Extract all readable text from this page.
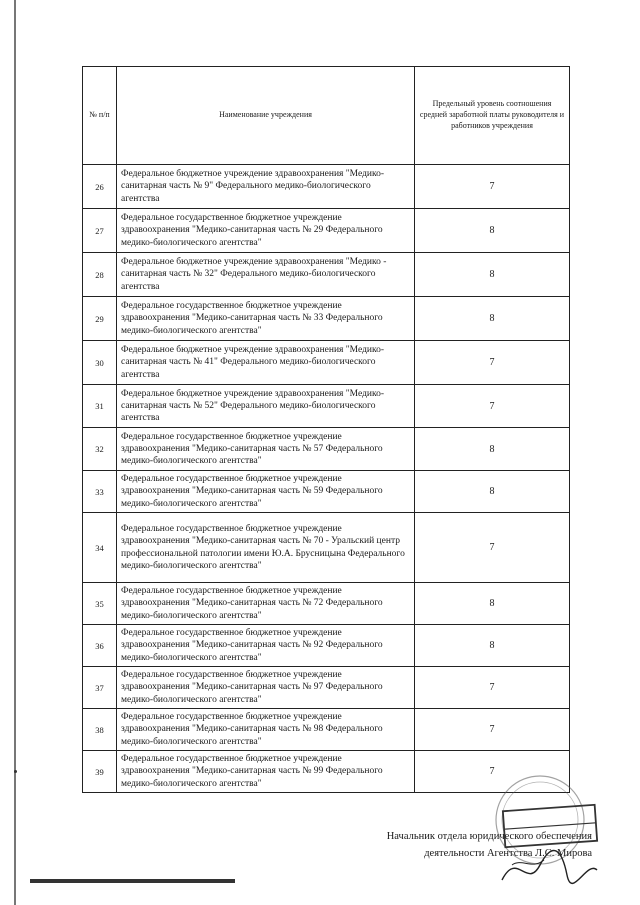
№ п/п	Наименование учреждения	Предельный уровень соотношения средней заработной платы руководителя и работников учреждения
26	Федеральное бюджетное учреждение здравоохранения "Медико-санитарная часть № 9" Федерального медико-биологического агентства	7
27	Федеральное государственное бюджетное учреждение здравоохранения "Медико-санитарная часть № 29 Федерального медико-биологического агентства"	8
28	Федеральное бюджетное учреждение здравоохранения "Медико - санитарная часть № 32" Федерального медико-биологического агентства	8
29	Федеральное государственное бюджетное учреждение здравоохранения "Медико-санитарная часть № 33 Федерального медико-биологического агентства"	8
30	Федеральное бюджетное учреждение здравоохранения "Медико-санитарная часть № 41" Федерального медико-биологического агентства	7
31	Федеральное бюджетное учреждение здравоохранения "Медико-санитарная часть № 52" Федерального медико-биологического агентства	7
32	Федеральное государственное бюджетное учреждение здравоохранения "Медико-санитарная часть № 57 Федерального медико-биологического агентства"	8
33	Федеральное государственное бюджетное учреждение здравоохранения "Медико-санитарная часть № 59 Федерального медико-биологического агентства"	8
34	Федеральное государственное бюджетное учреждение здравоохранения "Медико-санитарная часть № 70 - Уральский центр профессиональной патологии имени Ю.А. Брусницына Федерального медико-биологического агентства"	7
35	Федеральное государственное бюджетное учреждение здравоохранения "Медико-санитарная часть № 72 Федерального медико-биологического агентства"	8
36	Федеральное государственное бюджетное учреждение здравоохранения "Медико-санитарная часть № 92 Федерального медико-биологического агентства"	8
37	Федеральное государственное бюджетное учреждение здравоохранения "Медико-санитарная часть № 97 Федерального медико-биологического агентства"	7
38	Федеральное государственное бюджетное учреждение здравоохранения "Медико-санитарная часть № 98 Федерального медико-биологического агентства"	7
39	Федеральное государственное бюджетное учреждение здравоохранения "Медико-санитарная часть № 99 Федерального медико-биологического агентства"	7
Начальник отдела юридического обеспечения
деятельности Агентства Л.С. Мирова
